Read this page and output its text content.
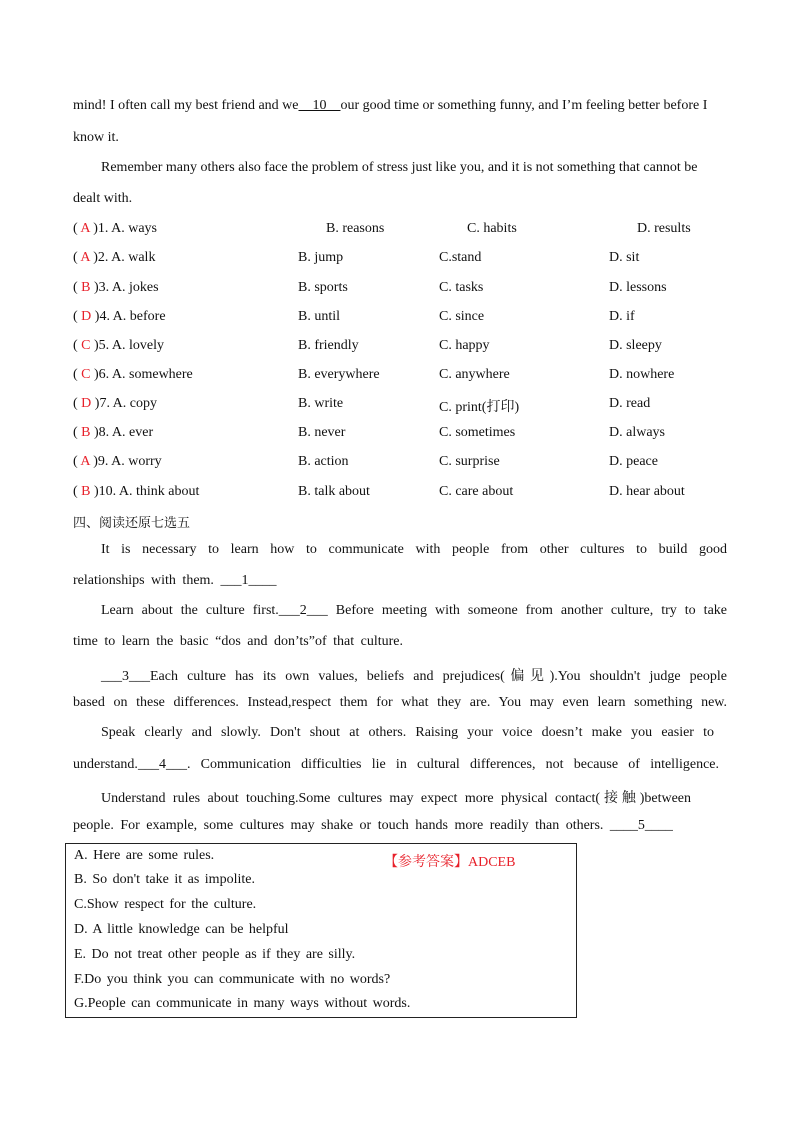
mind! I often call my best friend and we    10    our good time or something funny, and I’m feeling better before I
know it.
Remember many others also face the problem of stress just like you, and it is not something that cannot be
dealt with.
( A )1. A. ways	B. reasons	C. habits	D. results
( A )2. A. walk	B. jump	C.stand	D. sit
( B )3. A. jokes	B. sports	C. tasks	D. lessons
( D )4. A. before	B. until	C. since	D. if
( C )5. A. lovely	B. friendly	C. happy	D. sleepy
( C )6. A. somewhere	B. everywhere	C. anywhere	D. nowhere
( D )7. A. copy	B. write	C. print(打印)	D. read
( B )8. A. ever	B. never	C. sometimes	D. always
( A )9. A. worry	B. action	C. surprise	D. peace
( B )10. A. think about	B. talk about	C. care about	D. hear about
四、阅读还原七选五
It is necessary to learn how to communicate with people from other cultures to build good
relationships with them. ___1____
Learn about the culture first.___2___ Before meeting with someone from another culture, try to take
time to learn the basic “dos and don’ts”of that culture.
___3___Each culture has its own values, beliefs and prejudices(偏见).You shouldn't judge people
based on these differences. Instead,respect them for what they are. You may even learn something new.
Speak clearly and slowly. Don't shout at others. Raising your voice doesn’t make you easier to
understand.___4___. Communication difficulties lie in cultural differences, not because of intelligence.
Understand rules about touching.Some cultures may expect more physical contact(接触)between
people. For example, some cultures may shake or touch hands more readily than others. ____5____
A. Here are some rules.	【参考答案】ADCEB
B. So don't take it as impolite.
C.Show respect for the culture.
D. A little knowledge can be helpful
E. Do not treat other people as if they are silly.
F.Do you think you can communicate with no words?
G.People can communicate in many ways without words.
